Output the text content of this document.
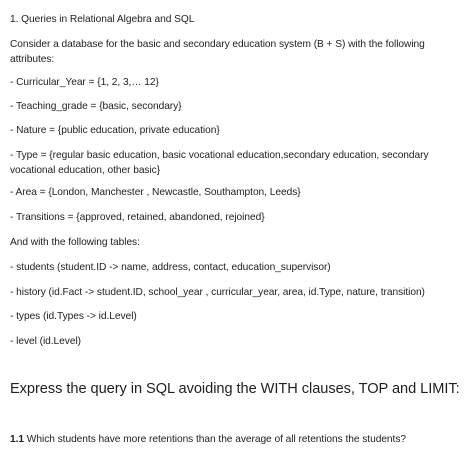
1. Queries in Relational Algebra and SQL
Consider a database for the basic and secondary education system (B + S) with the following attributes:
- Curricular_Year = {1, 2, 3,… 12}
- Teaching_grade = {basic, secondary}
- Nature = {public education, private education}
- Type = {regular basic education, basic vocational education,secondary education, secondary vocational education, other basic}
- Area = {London, Manchester , Newcastle, Southampton, Leeds}
- Transitions = {approved, retained, abandoned, rejoined}
And with the following tables:
- students (student.ID -> name, address, contact, education_supervisor)
- history (id.Fact -> student.ID, school_year , curricular_year, area, id.Type, nature, transition)
- types (id.Types -> id.Level)
- level (id.Level)
Express the query in SQL avoiding the WITH clauses, TOP and LIMIT:
1.1 Which students have more retentions than the average of all retentions the students?
